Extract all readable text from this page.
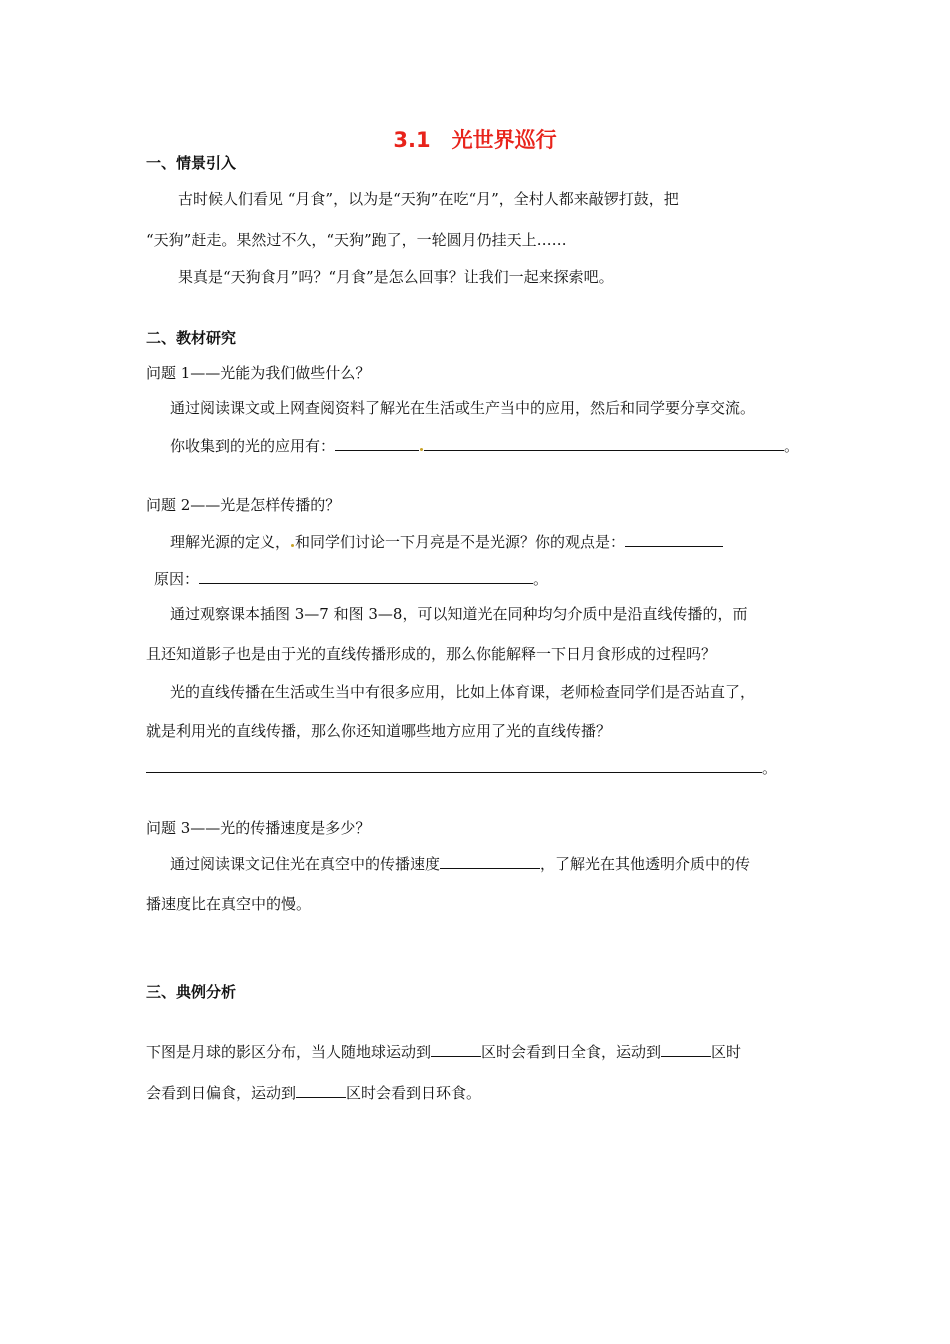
3.1　光世界巡行
一、情景引入
古时候人们看见 “月食”，以为是“天狗”在吃“月”，全村人都来敲锣打鼓，把
“天狗”赶走。果然过不久，“天狗”跑了，一轮圆月仍挂天上……
果真是“天狗食月”吗？“月食”是怎么回事？让我们一起来探索吧。
二、教材研究
问题 1——光能为我们做些什么？
通过阅读课文或上网查阅资料了解光在生活或生产当中的应用，然后和同学要分享交流。
你收集到的光的应用有：	。
问题 2——光是怎样传播的？
理解光源的定义， 和同学们讨论一下月亮是不是光源？你的观点是：
原因：	。
通过观察课本插图 3—7 和图 3—8，可以知道光在同种均匀介质中是沿直线传播的，而
且还知道影子也是由于光的直线传播形成的，那么你能解释一下日月食形成的过程吗？
光的直线传播在生活或生当中有很多应用，比如上体育课，老师检查同学们是否站直了，
就是利用光的直线传播，那么你还知道哪些地方应用了光的直线传播？
。
问题 3——光的传播速度是多少？
通过阅读课文记住光在真空中的传播速度	，了解光在其他透明介质中的传
播速度比在真空中的慢。
三、典例分析
下图是月球的影区分布，当人随地球运动到	区时会看到日全食，运动到	区时
会看到日偏食，运动到	区时会看到日环食。
